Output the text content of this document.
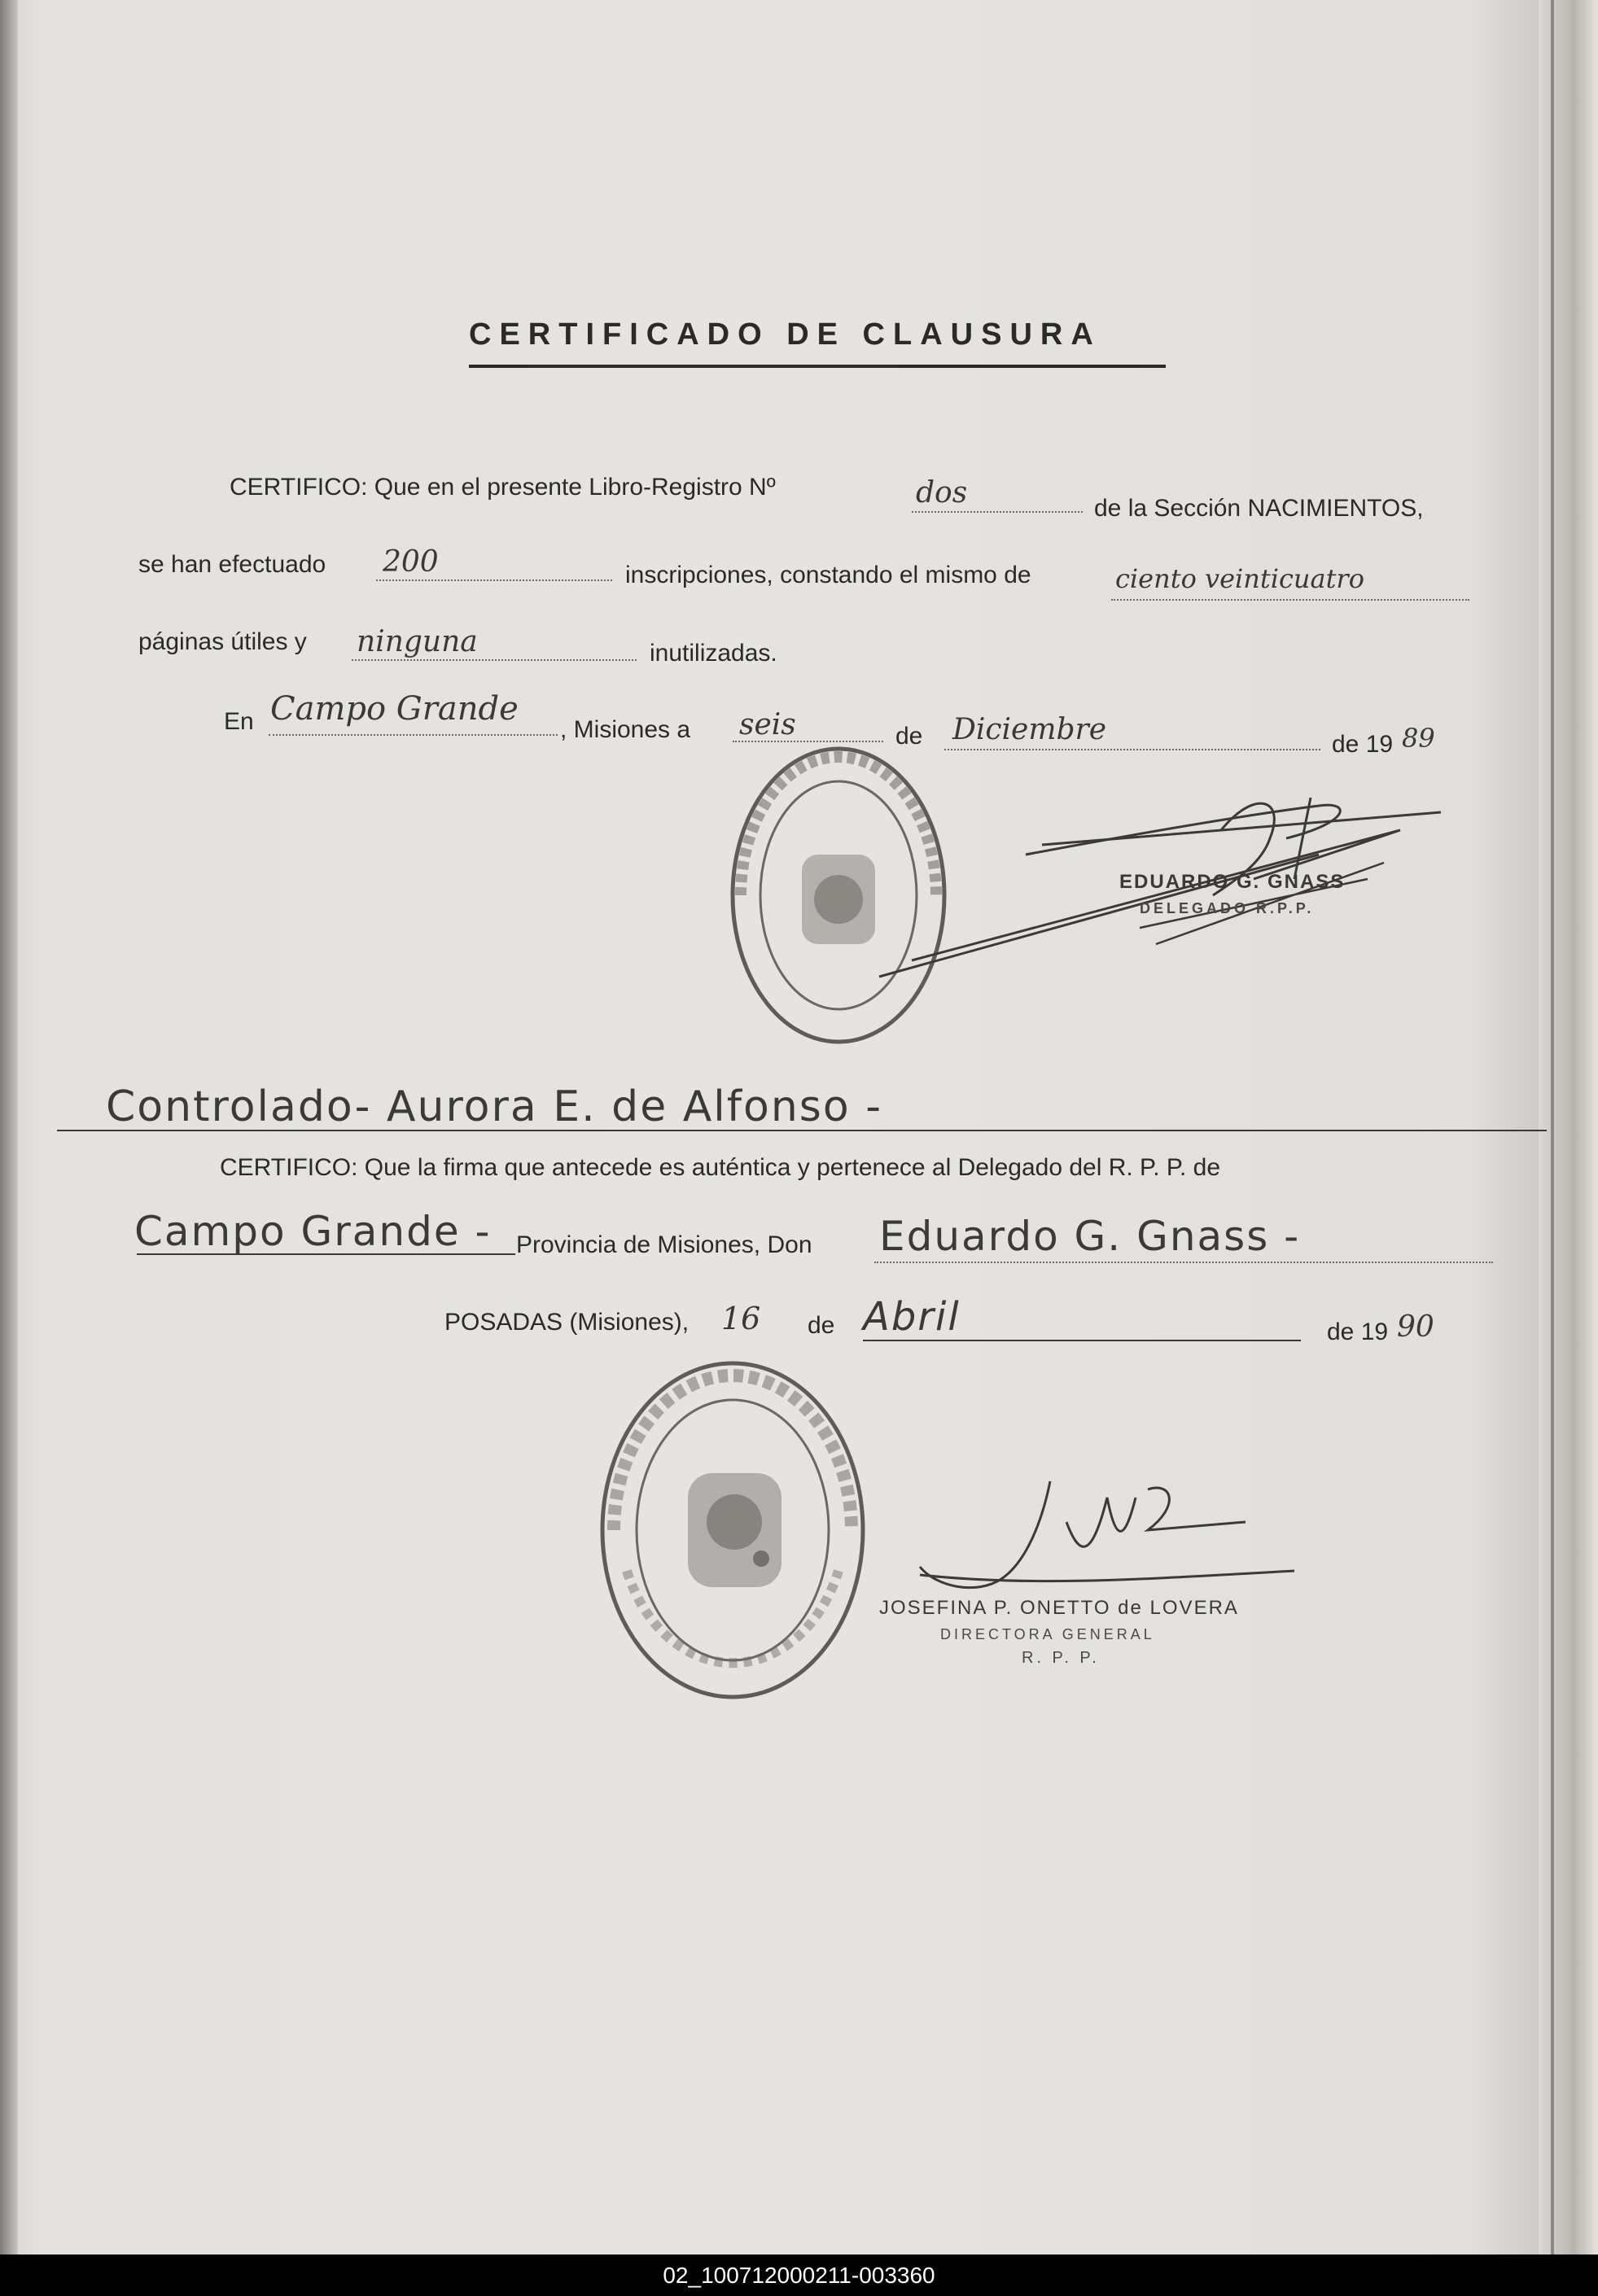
CERTIFICADO DE CLAUSURA
CERTIFICO: Que en el presente Libro-Registro Nº	dos	de la Sección NACIMIENTOS,
se han efectuado 200	inscripciones, constando el mismo de	ciento veinticuatro
páginas útiles y ninguna	inutilizadas.
En Campo Grande
, Misiones a seis	de Diciembre	de 19 89
EDUARDO G. GNASS
DELEGADO R.P.P.
Controlado- Aurora E. de Alfonso -
CERTIFICO: Que la firma que antecede es auténtica y pertenece al Delegado del R. P. P. de
Campo Grande - Provincia de Misiones, Don Eduardo G. Gnass -
POSADAS (Misiones), 16 de Abril	de 19 90
JOSEFINA P. ONETTO de LOVERA
DIRECTORA GENERAL
R. P. P.
02_100712000211-003360
